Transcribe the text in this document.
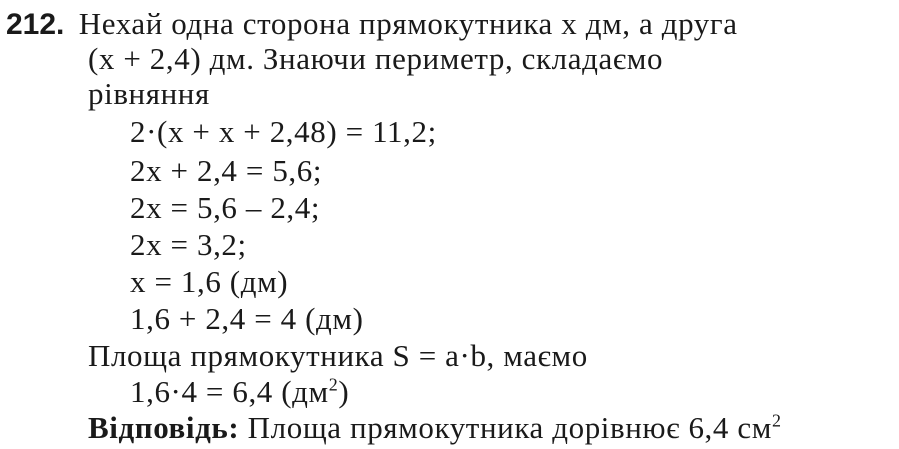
212. Нехай одна сторона прямокутника x дм, а друга
(x + 2,4) дм. Знаючи периметр, складаємо
рівняння
2·(x + x + 2,48) = 11,2;
2x + 2,4 = 5,6;
2x = 5,6 – 2,4;
2x = 3,2;
x = 1,6 (дм)
1,6 + 2,4 = 4 (дм)
Площа прямокутника S = a·b, маємо
1,6·4 = 6,4 $(дм^2)$
Відповідь: Площа прямокутника дорівнює 6,4 $см^2$
